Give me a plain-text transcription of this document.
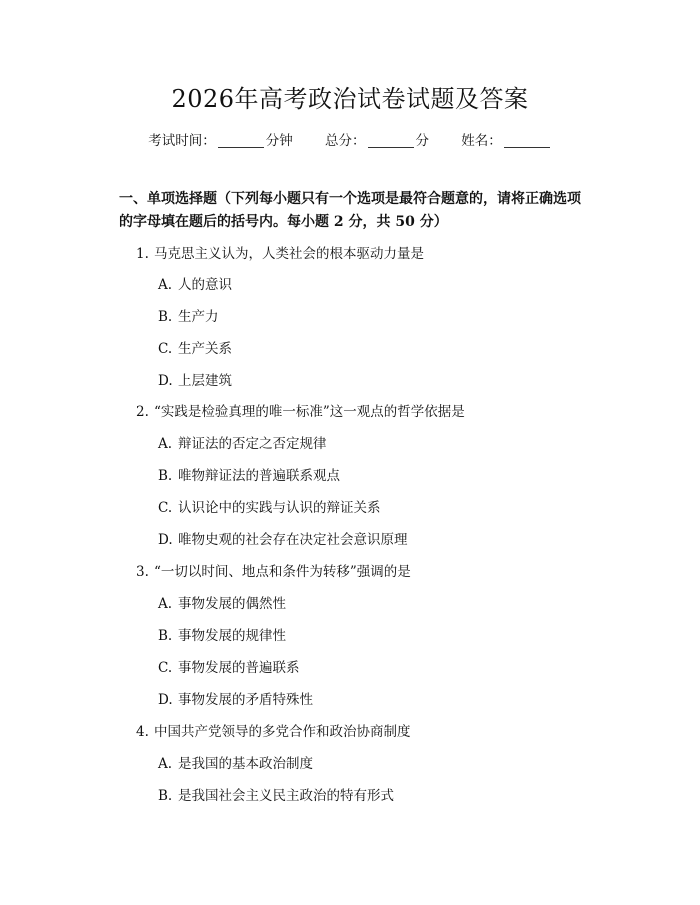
2026年高考政治试卷试题及答案
考试时间：	分钟 总分：	分 姓名：
一、单项选择题（下列每小题只有一个选项是最符合题意的，请将正确选项的字母填在题后的括号内。每小题 2 分，共 50 分）
1. 马克思主义认为，人类社会的根本驱动力量是
A. 人的意识
B. 生产力
C. 生产关系
D. 上层建筑
2. “实践是检验真理的唯一标准”这一观点的哲学依据是
A. 辩证法的否定之否定规律
B. 唯物辩证法的普遍联系观点
C. 认识论中的实践与认识的辩证关系
D. 唯物史观的社会存在决定社会意识原理
3. “一切以时间、地点和条件为转移”强调的是
A. 事物发展的偶然性
B. 事物发展的规律性
C. 事物发展的普遍联系
D. 事物发展的矛盾特殊性
4. 中国共产党领导的多党合作和政治协商制度
A. 是我国的基本政治制度
B. 是我国社会主义民主政治的特有形式
